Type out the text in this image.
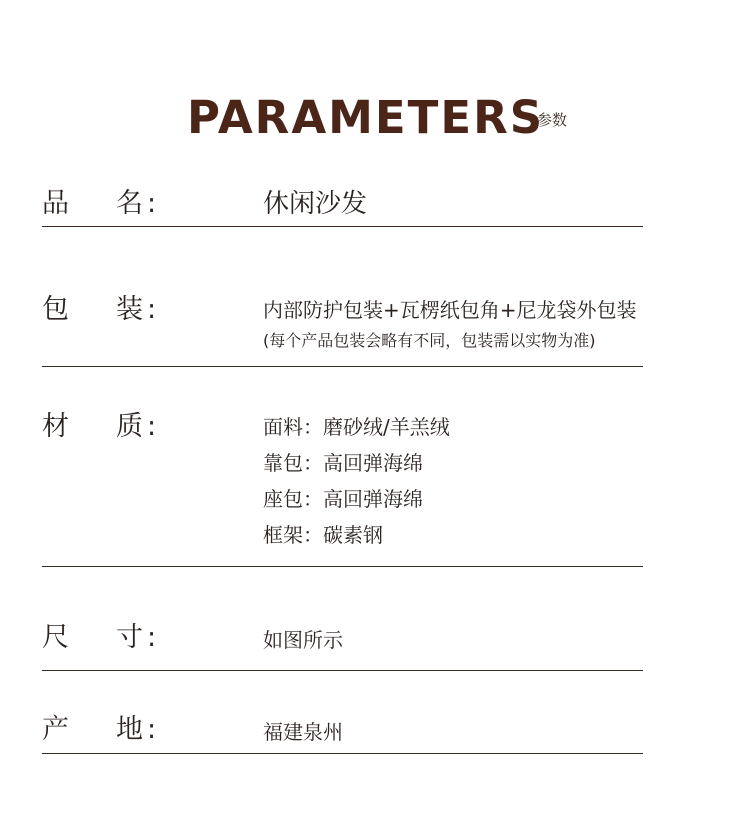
PARAMETERS
参数
品 名 :	休闲沙发
包 装 :	内部防护包装+瓦楞纸包角+尼龙袋外包装
(每个产品包装会略有不同，包装需以实物为准)
材 质 :	面料：磨砂绒/羊羔绒
靠包：高回弹海绵
座包：高回弹海绵
框架：碳素钢
尺 寸 :	如图所示
产 地 :	福建泉州
